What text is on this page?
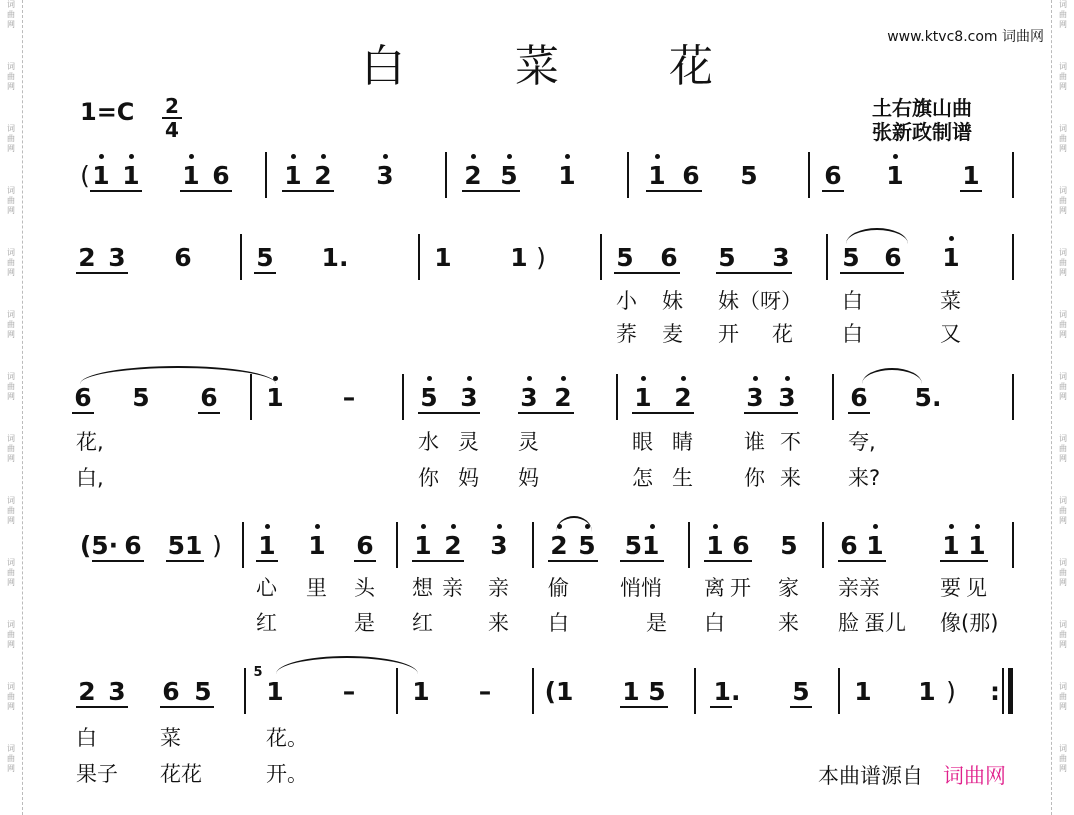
词
曲
网
词
曲
网
词
曲
网
词
曲
网
词
曲
网
词
曲
网
词
曲
网
词
曲
网
词
曲
网
词
曲
网
词
曲
网
词
曲
网
词
曲
网
词
曲
网
词
曲
网
词
曲
网
词
曲
网
词
曲
网
词
曲
网
词
曲
网
词
曲
网
词
曲
网
词
曲
网
词
曲
网
词
曲
网
词
曲
网
白 菜 花
www.ktvc8.com 词曲网
1=C 2
4
土右旗山曲
张新政制谱
( 1 1 1 6 1 2 3	2 5 1	1 6 5	6 1 1
2 3 6	5 1.	1 1 )	5 6 5 3 5 6 1
小 妹 妹（呀） 白	菜
荞 麦 开 花 白	又
6 5 6 1 –	5 3 3 2	1 2 3 3 6 5.
花,	水 灵 灵	眼 睛 谁 不 夸,
白,	你 妈 妈	怎 生 你 来 来?
(5· 6 51 ) 1 1 6 1 2 3 2 5 51 1 6 5 6 1 1 1
心 里 头 想 亲 亲 偷 悄悄 离 开 家 亲亲	要 见
红	是 红	来 白	是 白	来 脸 蛋儿 像(那)
2 3 6 5
5
1 – 1 – (1 1 5 1. 5 1 1 ) :
白	菜	花。
果子 花花	开。	本曲谱源自 词曲网
